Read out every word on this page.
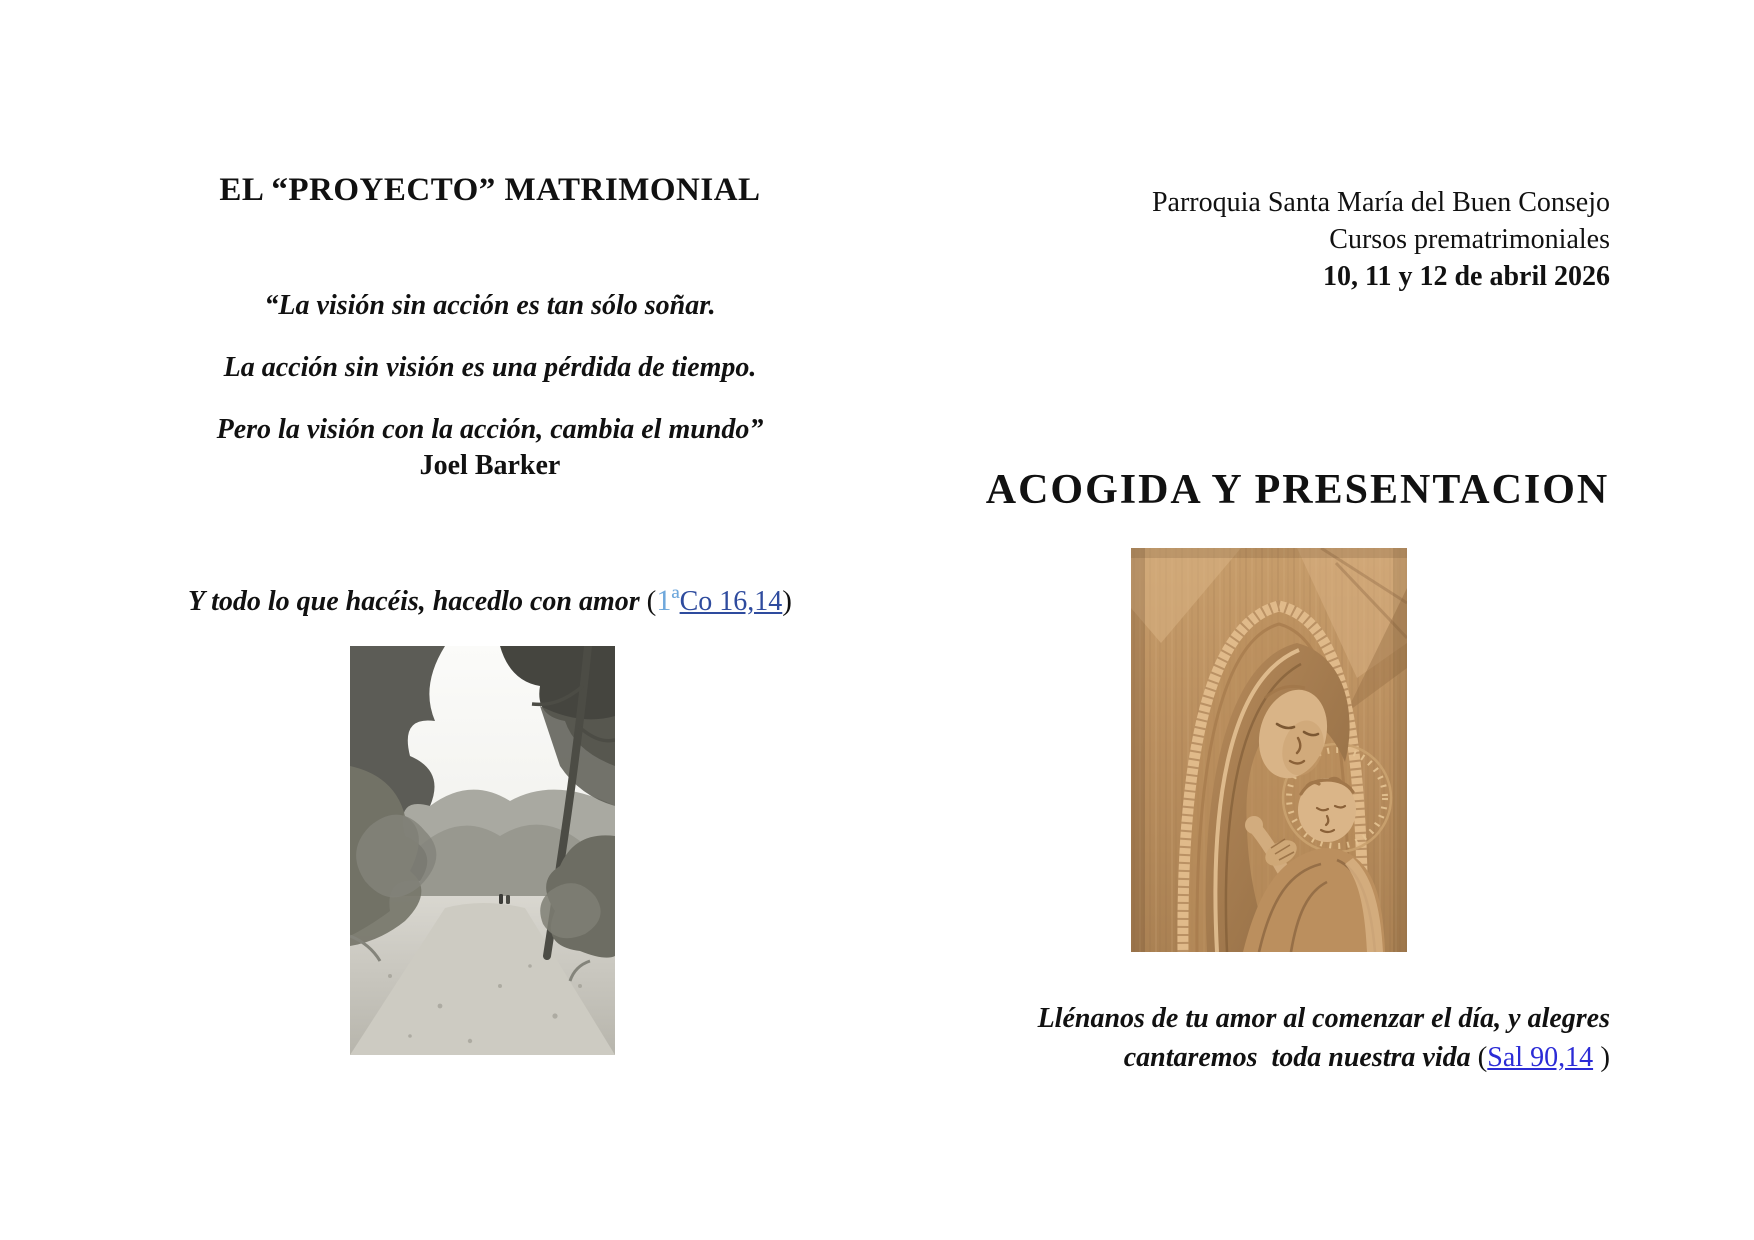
EL “PROYECTO” MATRIMONIAL
“La visión sin acción es tan sólo soñar.
La acción sin visión es una pérdida de tiempo.
Pero la visión con la acción, cambia el mundo”
Joel Barker
Y todo lo que hacéis, hacedlo con amor (1ªCo 16,14)
Parroquia Santa María del Buen Consejo
Cursos prematrimoniales
10, 11 y 12 de abril 2026
ACOGIDA Y PRESENTACION
Llénanos de tu amor al comenzar el día, y alegres
cantaremos  toda nuestra vida (Sal 90,14 )
